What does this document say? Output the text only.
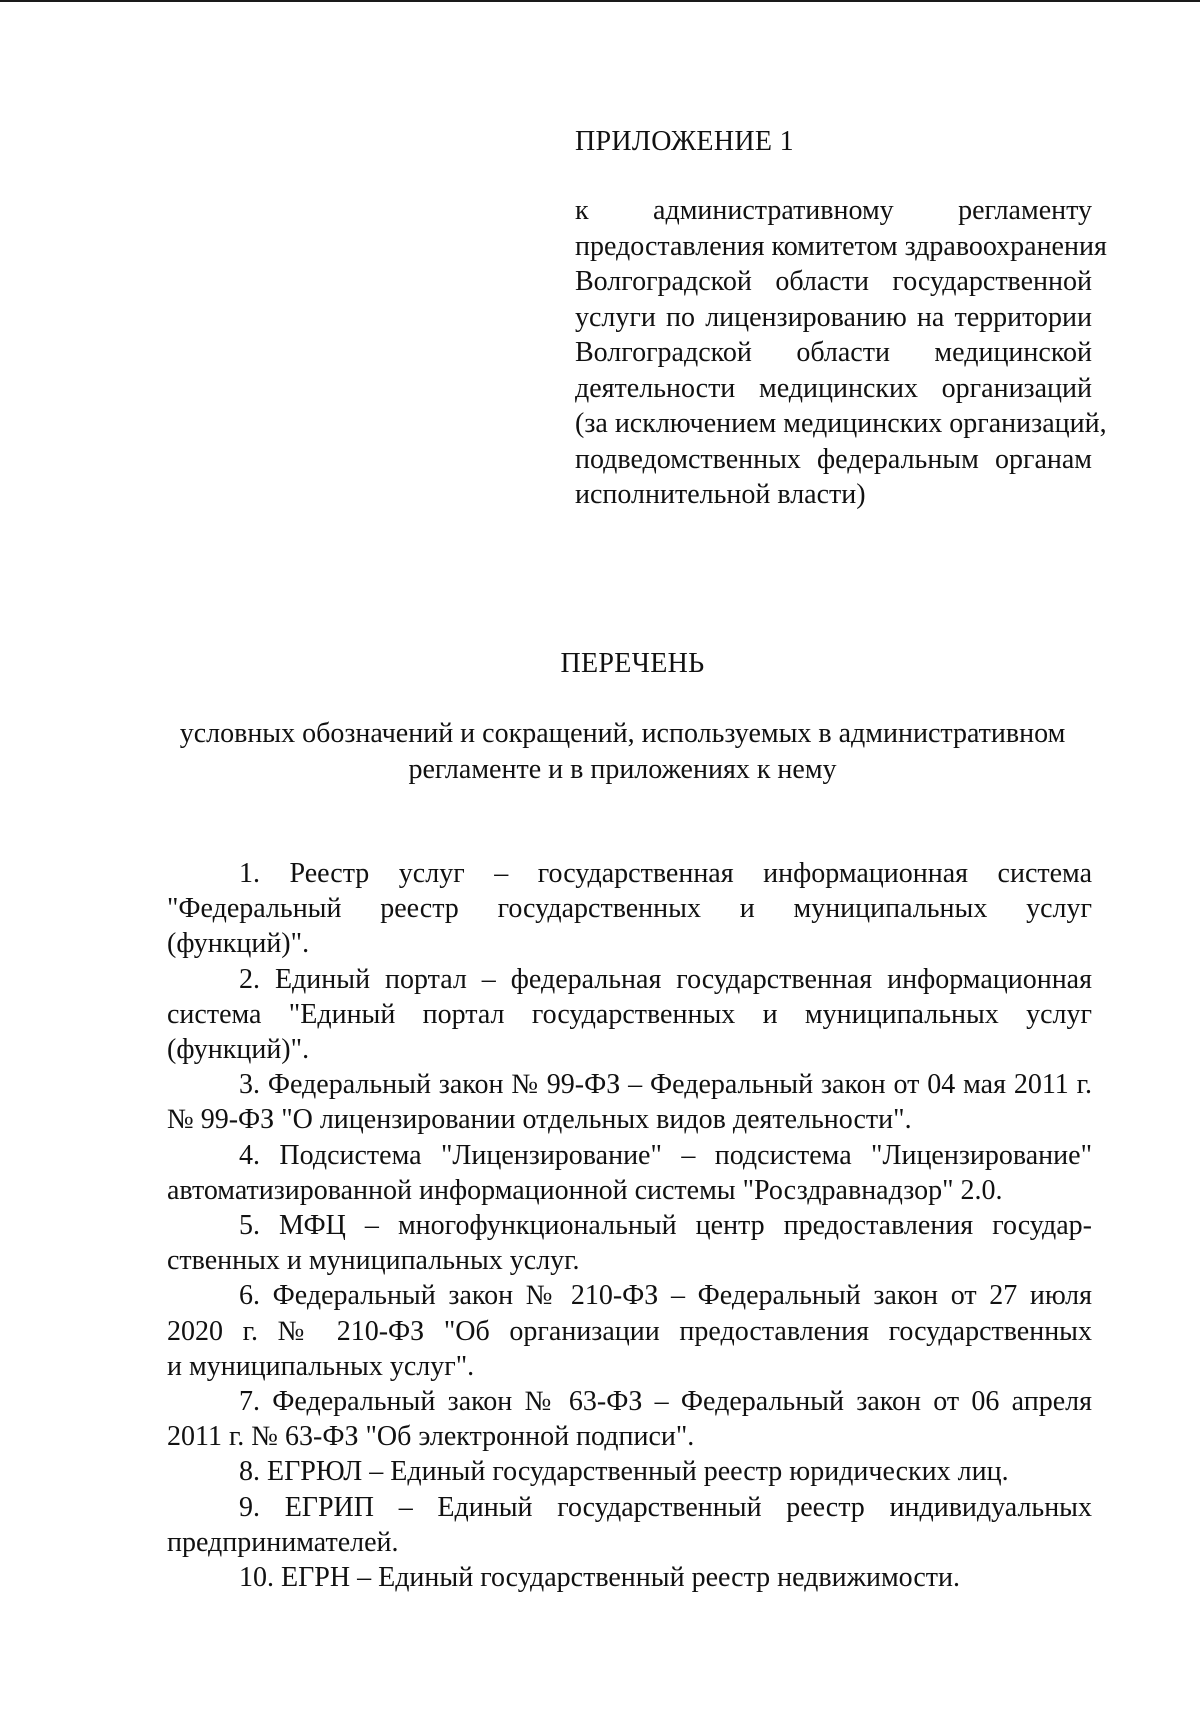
ПРИЛОЖЕНИЕ 1
к административному регламенту
предоставления комитетом здравоохранения
Волгоградской области государственной
услуги по лицензированию на территории
Волгоградской области медицинской
деятельности медицинских организаций
(за исключением медицинских организаций,
подведомственных федеральным органам
исполнительной власти)
ПЕРЕЧЕНЬ
условных обозначений и сокращений, используемых в административном
регламенте и в приложениях к нему
1. Реестр услуг – государственная информационная система
"Федеральный реестр государственных и муниципальных услуг
(функций)".
2. Единый портал – федеральная государственная информационная
система "Единый портал государственных и муниципальных услуг
(функций)".
3. Федеральный закон № 99-ФЗ – Федеральный закон от 04 мая 2011 г.
№ 99-ФЗ "О лицензировании отдельных видов деятельности".
4. Подсистема "Лицензирование" – подсистема "Лицензирование"
автоматизированной информационной системы "Росздравнадзор" 2.0.
5. МФЦ – многофункциональный центр предоставления государ-
ственных и муниципальных услуг.
6. Федеральный закон № 210-ФЗ – Федеральный закон от 27 июля
2020 г. № 210-ФЗ "Об организации предоставления государственных
и муниципальных услуг".
7. Федеральный закон № 63-ФЗ – Федеральный закон от 06 апреля
2011 г. № 63-ФЗ "Об электронной подписи".
8. ЕГРЮЛ – Единый государственный реестр юридических лиц.
9. ЕГРИП – Единый государственный реестр индивидуальных
предпринимателей.
10. ЕГРН – Единый государственный реестр недвижимости.
